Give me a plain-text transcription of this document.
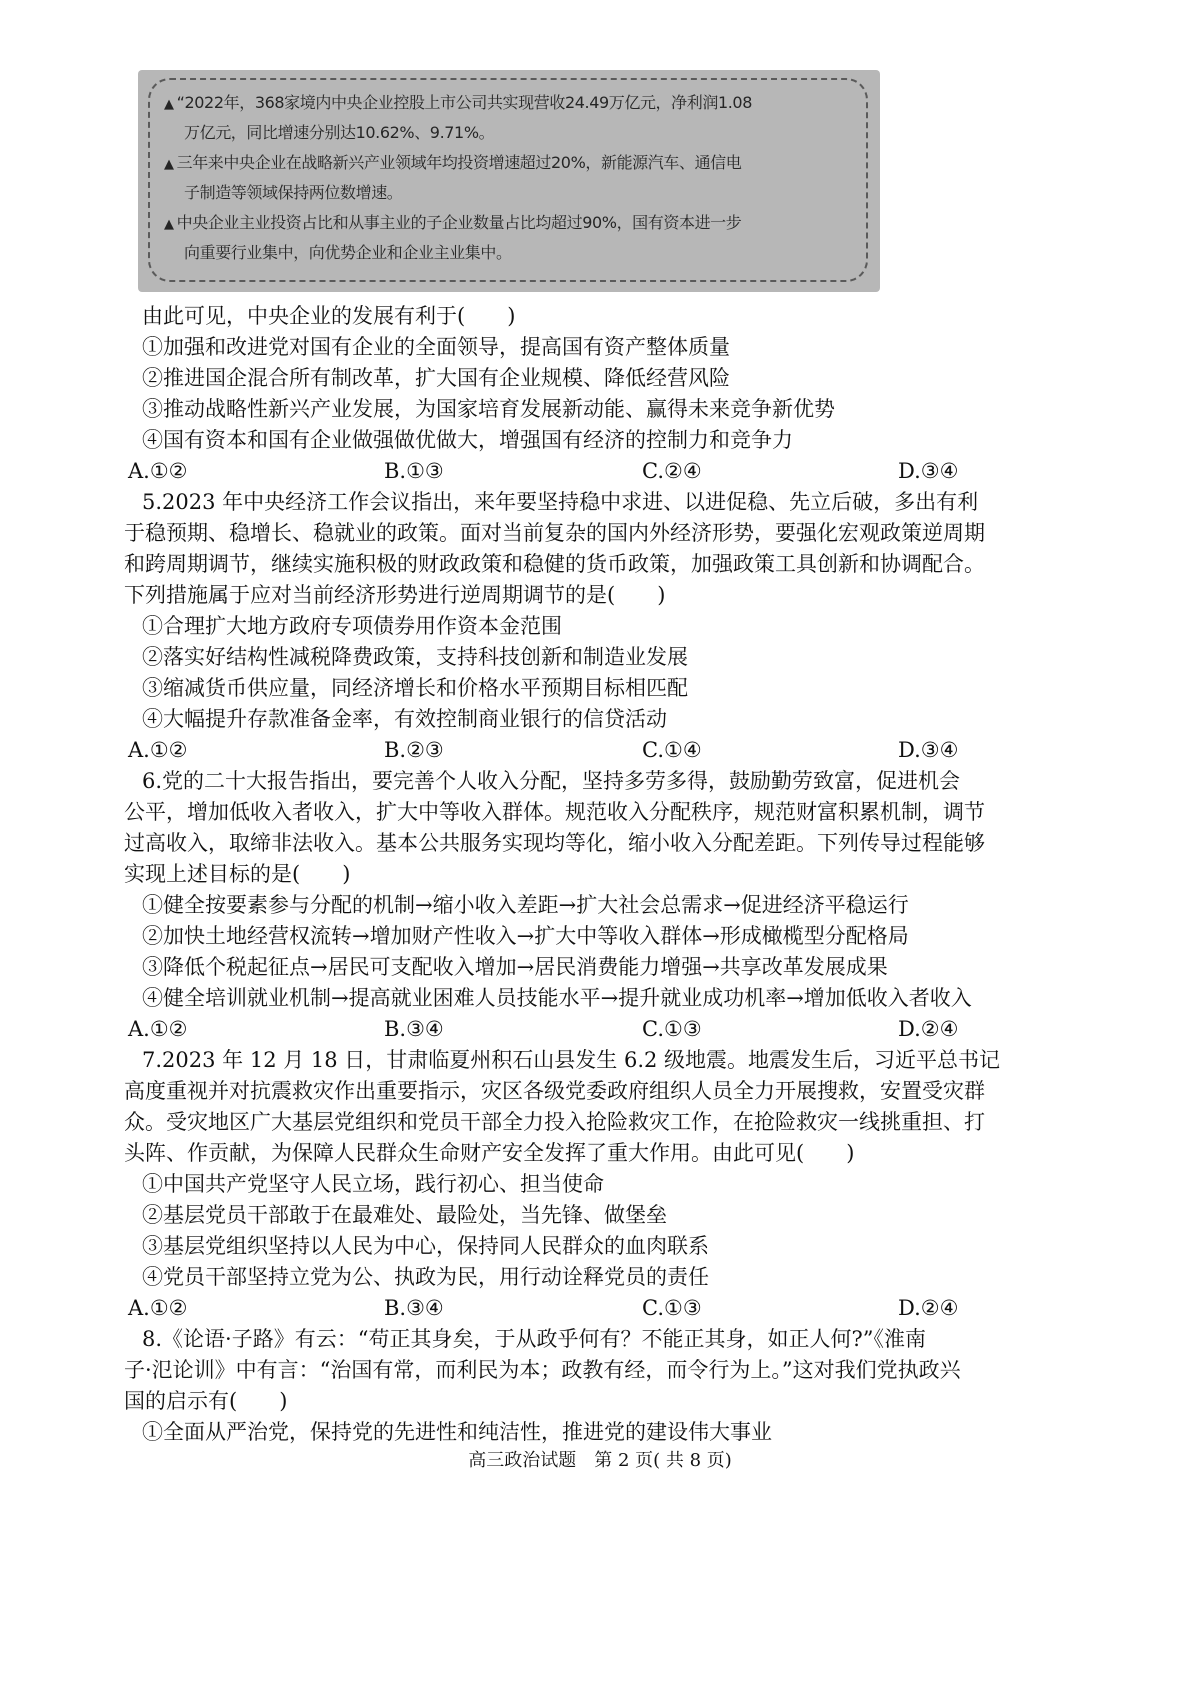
▲ “2022年，368家境内中央企业控股上市公司共实现营收24.49万亿元，净利润1.08
万亿元，同比增速分别达10.62%、9.71%。
▲ 三年来中央企业在战略新兴产业领域年均投资增速超过20%，新能源汽车、通信电
子制造等领域保持两位数增速。
▲ 中央企业主业投资占比和从事主业的子企业数量占比均超过90%，国有资本进一步
向重要行业集中，向优势企业和企业主业集中。
由此可见，中央企业的发展有利于(　　)
①加强和改进党对国有企业的全面领导，提高国有资产整体质量
②推进国企混合所有制改革，扩大国有企业规模、降低经营风险
③推动战略性新兴产业发展，为国家培育发展新动能、赢得未来竞争新优势
④国有资本和国有企业做强做优做大，增强国有经济的控制力和竞争力
A.①②	B.①③	C.②④	D.③④
5.2023 年中央经济工作会议指出，来年要坚持稳中求进、以进促稳、先立后破，多出有利
于稳预期、稳增长、稳就业的政策。面对当前复杂的国内外经济形势，要强化宏观政策逆周期
和跨周期调节，继续实施积极的财政政策和稳健的货币政策，加强政策工具创新和协调配合。
下列措施属于应对当前经济形势进行逆周期调节的是(　　)
①合理扩大地方政府专项债券用作资本金范围
②落实好结构性减税降费政策，支持科技创新和制造业发展
③缩减货币供应量，同经济增长和价格水平预期目标相匹配
④大幅提升存款准备金率，有效控制商业银行的信贷活动
A.①②	B.②③	C.①④	D.③④
6.党的二十大报告指出，要完善个人收入分配，坚持多劳多得，鼓励勤劳致富，促进机会
公平，增加低收入者收入，扩大中等收入群体。规范收入分配秩序，规范财富积累机制，调节
过高收入，取缔非法收入。基本公共服务实现均等化，缩小收入分配差距。下列传导过程能够
实现上述目标的是(　　)
①健全按要素参与分配的机制→缩小收入差距→扩大社会总需求→促进经济平稳运行
②加快土地经营权流转→增加财产性收入→扩大中等收入群体→形成橄榄型分配格局
③降低个税起征点→居民可支配收入增加→居民消费能力增强→共享改革发展成果
④健全培训就业机制→提高就业困难人员技能水平→提升就业成功机率→增加低收入者收入
A.①②	B.③④	C.①③	D.②④
7.2023 年 12 月 18 日，甘肃临夏州积石山县发生 6.2 级地震。地震发生后，习近平总书记
高度重视并对抗震救灾作出重要指示，灾区各级党委政府组织人员全力开展搜救，安置受灾群
众。受灾地区广大基层党组织和党员干部全力投入抢险救灾工作，在抢险救灾一线挑重担、打
头阵、作贡献，为保障人民群众生命财产安全发挥了重大作用。由此可见(　　)
①中国共产党坚守人民立场，践行初心、担当使命
②基层党员干部敢于在最难处、最险处，当先锋、做堡垒
③基层党组织坚持以人民为中心，保持同人民群众的血肉联系
④党员干部坚持立党为公、执政为民，用行动诠释党员的责任
A.①②	B.③④	C.①③	D.②④
8.《论语·子路》有云：“苟正其身矣，于从政乎何有？不能正其身，如正人何?”《淮南
子·氾论训》中有言：“治国有常，而利民为本；政教有经，而令行为上。”这对我们党执政兴
国的启示有(　　)
①全面从严治党，保持党的先进性和纯洁性，推进党的建设伟大事业
高三政治试题　第 2 页( 共 8 页)
